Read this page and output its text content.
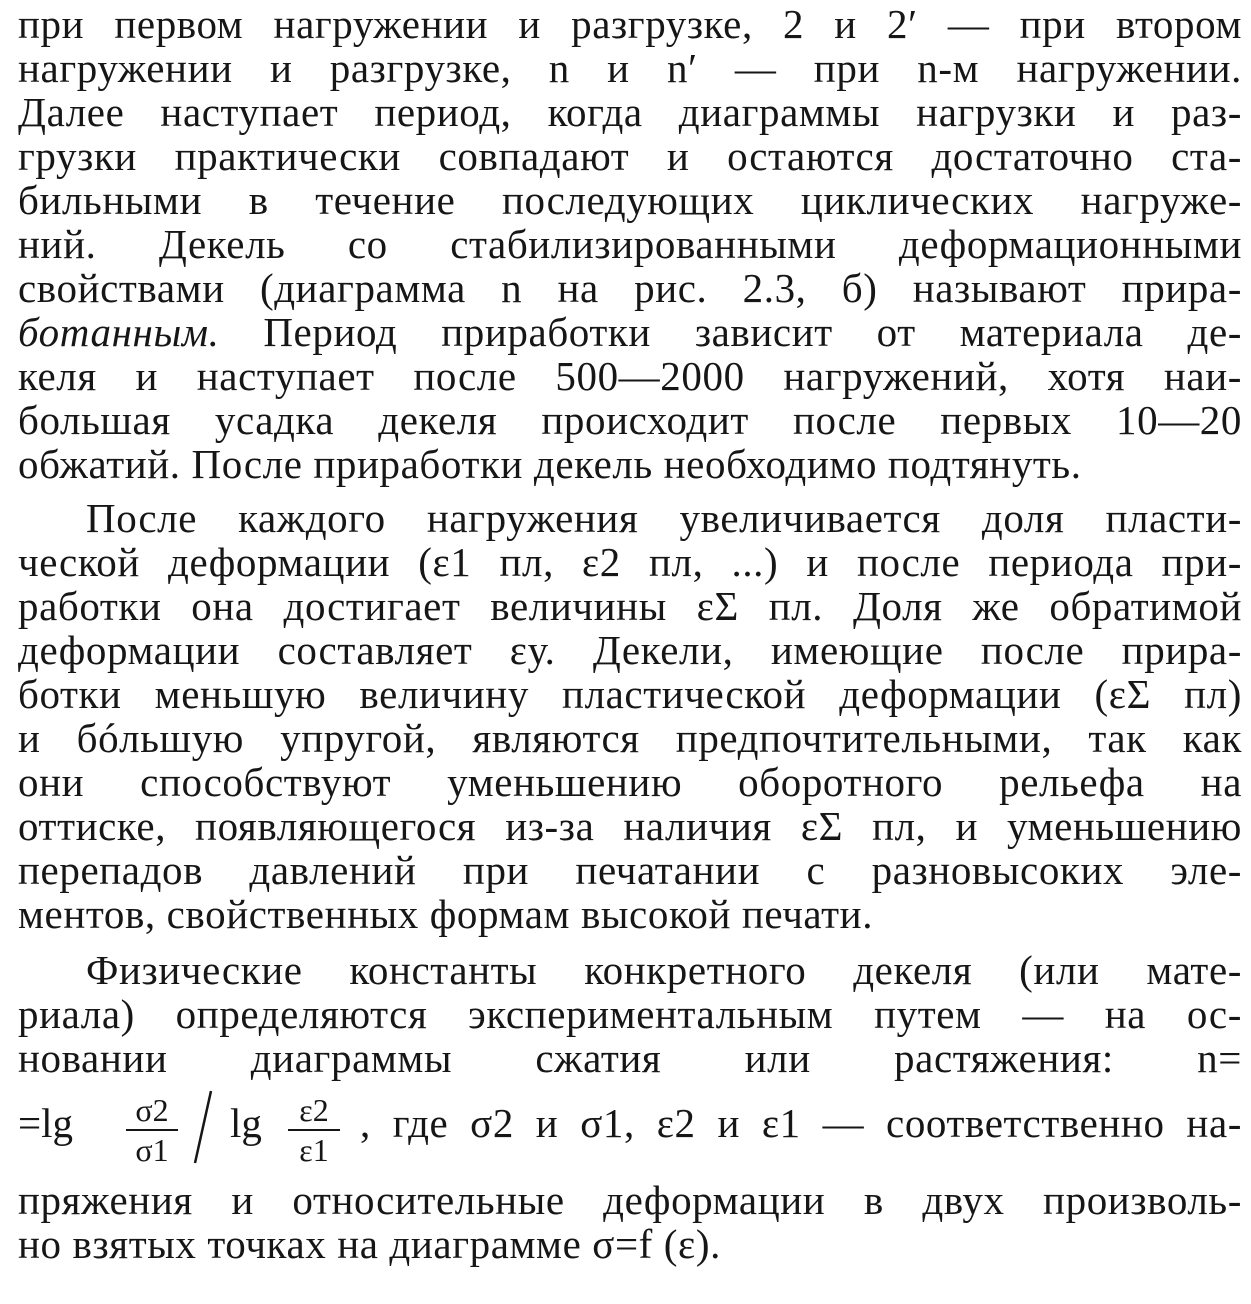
при первом нагружении и разгрузке, 2 и 2′ — при втором
нагружении и разгрузке, n и n′ — при n-м нагружении.
Далее наступает период, когда диаграммы нагрузки и раз-
грузки практически совпадают и остаются достаточно ста-
бильными в течение последующих циклических нагруже-
ний. Декель со стабилизированными деформационными
свойствами (диаграмма n на рис. 2.3, б) называют прира-
ботанным. Период приработки зависит от материала де-
келя и наступает после 500—2000 нагружений, хотя наи-
большая усадка декеля происходит после первых 10—20
обжатий. После приработки декель необходимо подтянуть.
После каждого нагружения увеличивается доля пласти-
ческой деформации (ε1 пл, ε2 пл, ...) и после периода при-
работки она достигает величины εΣ пл. Доля же обратимой
деформации составляет εу. Декели, имеющие после прира-
ботки меньшую величину пластической деформации (εΣ пл)
и бóльшую упругой, являются предпочтительными, так как
они способствуют уменьшению оборотного рельефа на
оттиске, появляющегося из-за наличия εΣ пл, и уменьшению
перепадов давлений при печатании с разновысоких эле-
ментов, свойственных формам высокой печати.
Физические константы конкретного декеля (или мате-
риала) определяются экспериментальным путем — на ос-
новании диаграммы сжатия или растяжения: n=
=lg	σ2
σ1
lg	ε2
ε1
, где σ2 и σ1, ε2 и ε1 — соответственно на-
пряжения и относительные деформации в двух произволь-
но взятых точках на диаграмме σ=f (ε).
